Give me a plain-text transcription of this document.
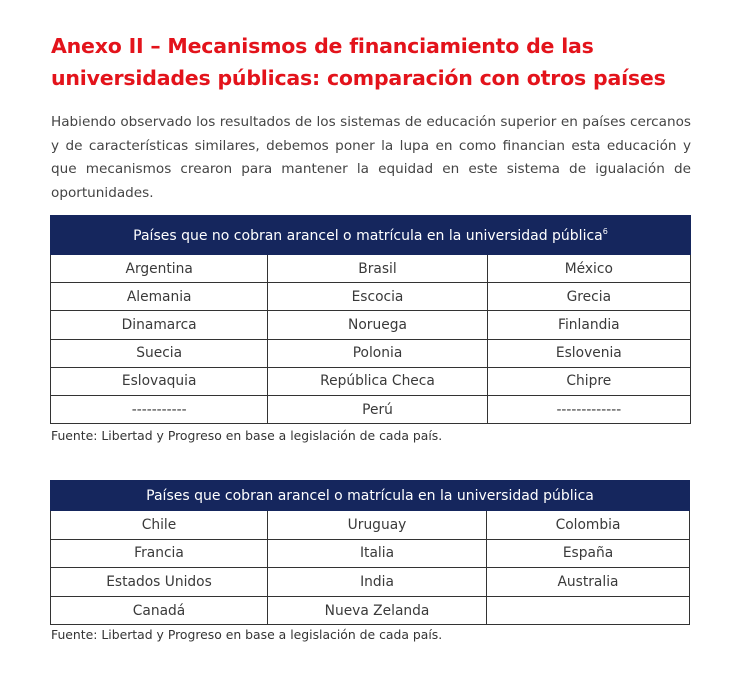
Anexo II – Mecanismos de financiamiento de las
universidades públicas: comparación con otros países

Habiendo observado los resultados de los sistemas de educación superior en países cercanos y de características similares, debemos poner la lupa en como financian esta educación y que mecanismos crearon para mantener la equidad en este sistema de igualación de oportunidades.

Países que no cobran arancel o matrícula en la universidad pública$^6$
Argentina	Brasil	México
Alemania	Escocia	Grecia
Dinamarca	Noruega	Finlandia
Suecia	Polonia	Eslovenia
Eslovaquia	República Checa	Chipre
-----------	Perú	-------------

Fuente: Libertad y Progreso en base a legislación de cada país.

Países que cobran arancel o matrícula en la universidad pública		
Chile	Uruguay	Colombia
Francia	Italia	España
Estados Unidos	India	Australia
Canadá	Nueva Zelanda	

Fuente: Libertad y Progreso en base a legislación de cada país.
